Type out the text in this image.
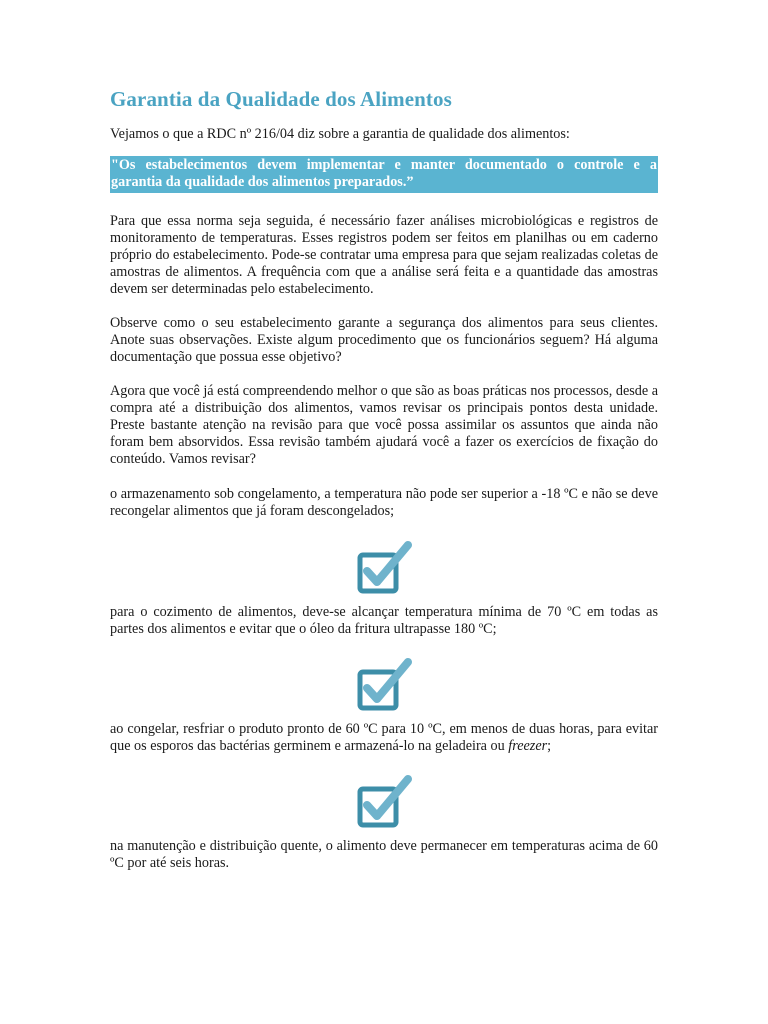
Garantia da Qualidade dos Alimentos

Vejamos o que a RDC nº 216/04 diz sobre a garantia de qualidade dos alimentos:

"Os estabelecimentos devem implementar e manter documentado o controle e a
garantia da qualidade dos alimentos preparados.”

Para que essa norma seja seguida, é necessário fazer análises microbiológicas e registros de monitoramento de temperaturas. Esses registros podem ser feitos em planilhas ou em caderno próprio do estabelecimento. Pode-se contratar uma empresa para que sejam realizadas coletas de amostras de alimentos. A frequência com que a análise será feita e a quantidade das amostras devem ser determinadas pelo estabelecimento.

Observe como o seu estabelecimento garante a segurança dos alimentos para seus clientes. Anote suas observações. Existe algum procedimento que os funcionários seguem? Há alguma documentação que possua esse objetivo?

Agora que você já está compreendendo melhor o que são as boas práticas nos processos, desde a compra até a distribuição dos alimentos, vamos revisar os principais pontos desta unidade. Preste bastante atenção na revisão para que você possa assimilar os assuntos que ainda não foram bem absorvidos. Essa revisão também ajudará você a fazer os exercícios de fixação do conteúdo. Vamos revisar?

o armazenamento sob congelamento, a temperatura não pode ser superior a -18 ºC e não se deve recongelar alimentos que já foram descongelados;

para o cozimento de alimentos, deve-se alcançar temperatura mínima de 70 ºC em todas as partes dos alimentos e evitar que o óleo da fritura ultrapasse 180 ºC;

ao congelar, resfriar o produto pronto de 60 ºC para 10 ºC, em menos de duas horas, para evitar que os esporos das bactérias germinem e armazená-lo na geladeira ou freezer;

na manutenção e distribuição quente, o alimento deve permanecer em temperaturas acima de 60 ºC por até seis horas.
